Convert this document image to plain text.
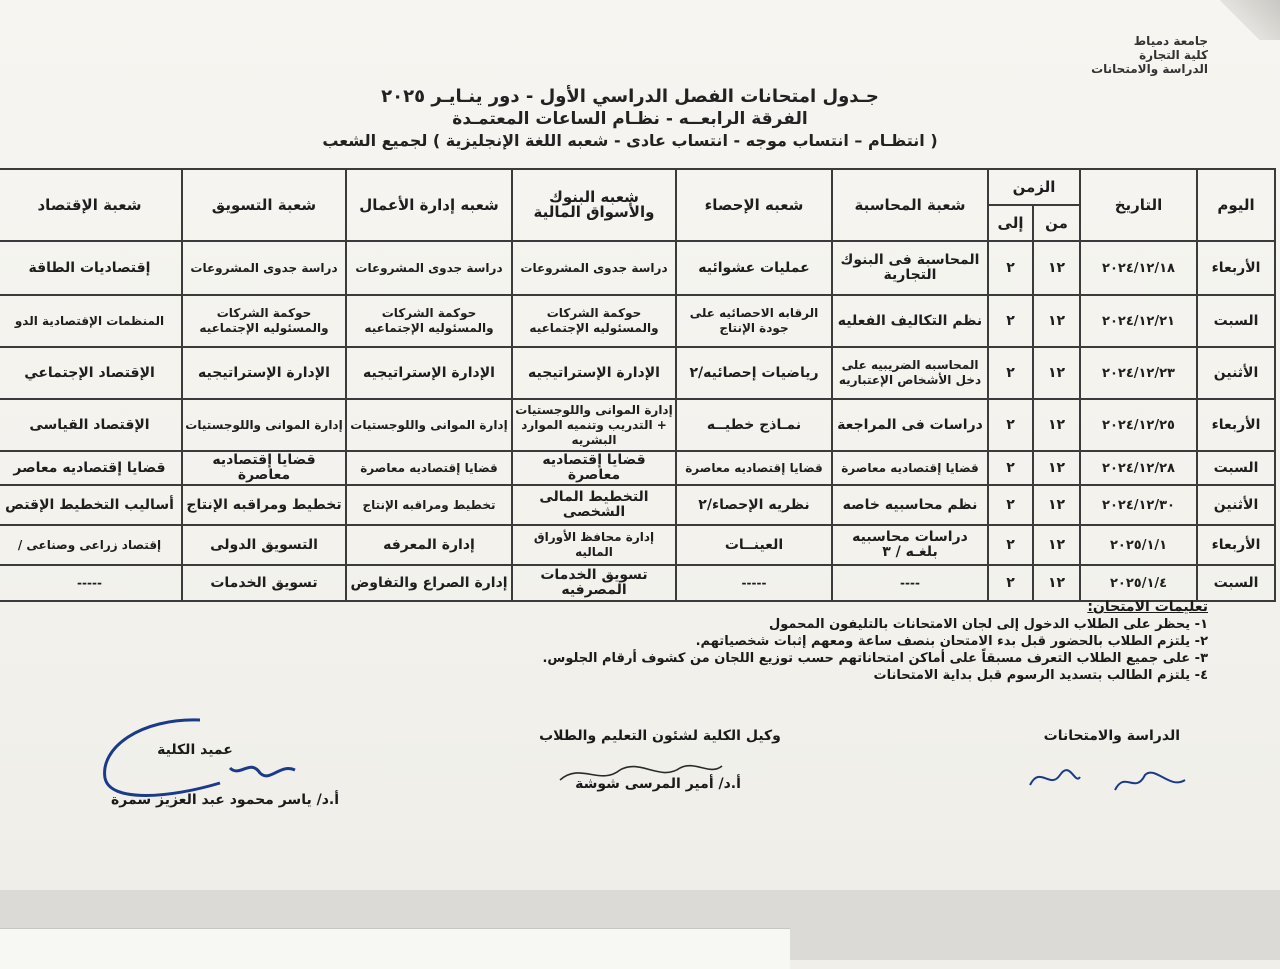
جامعة دمياط
كلية التجارة
الدراسة والامتحانات
جـدول امتحانات الفصل الدراسي الأول - دور ينـايـر ٢٠٢٥
الفرقة الرابعــه - نظـام الساعات المعتمـدة
( انتظـام – انتساب موجه - انتساب عادى - شعبه اللغة الإنجليزية ) لجميع الشعب
اليوم	التاريخ	الزمن		شعبة المحاسبة	شعبه الإحصاء	شعبه البنوك والأسواق المالية	شعبه إدارة الأعمال	شعبة التسويق	شعبة الإقتصاد
		من	إلى						
الأربعاء	٢٠٢٤/١٢/١٨	١٢	٢	المحاسبة فى البنوك التجارية	عمليات عشوائيه	دراسة جدوى المشروعات	دراسة جدوى المشروعات	دراسة جدوى المشروعات	إقتصاديات الطاقة
السبت	٢٠٢٤/١٢/٢١	١٢	٢	نظم التكاليف الفعليه	الرقابه الاحصائيه على جودة الإنتاج	حوكمة الشركات والمسئوليه الإجتماعيه	حوكمة الشركات والمسئوليه الإجتماعيه	حوكمة الشركات والمسئوليه الإجتماعيه	المنظمات الإقتصادية الدو
الأثنين	٢٠٢٤/١٢/٢٣	١٢	٢	المحاسبه الضريبيه على دخل الأشخاص الإعتباريه	رياضيات إحصائيه/٢	الإدارة الإستراتيجيه	الإدارة الإستراتيجيه	الإدارة الإستراتيجيه	الإقتصاد الإجتماعي
الأربعاء	٢٠٢٤/١٢/٢٥	١٢	٢	دراسات فى المراجعة	نمـاذج خطيــه	إدارة الموانى واللوجستيات + التدريب وتنميه الموارد البشريه	إدارة الموانى واللوجستيات	إدارة الموانى واللوجستيات	الإقتصاد القياسى
السبت	٢٠٢٤/١٢/٢٨	١٢	٢	قضايا إقتصاديه معاصرة	قضايا إقتصاديه معاصرة	قضايا إقتصاديه معاصرة	قضايا إقتصاديه معاصرة	قضايا إقتصاديه معاصرة	قضايا إقتصاديه معاصر
الأثنين	٢٠٢٤/١٢/٣٠	١٢	٢	نظم محاسبيه خاصه	نظريه الإحصاء/٢	التخطيط المالى الشخصى	تخطيط ومراقبه الإنتاج	تخطيط ومراقبه الإنتاج	أساليب التخطيط الإقتص
الأربعاء	٢٠٢٥/١/١	١٢	٢	دراسات محاسبيه بلغـه / ٣	العينــات	إدارة محافظ الأوراق الماليه	إدارة المعرفه	التسويق الدولى	إقتصاد زراعى وصناعى /
السبت	٢٠٢٥/١/٤	١٢	٢	----	-----	تسويق الخدمات المصرفيه	إدارة الصراع والتفاوض	تسويق الخدمات	-----
تعليمات الامتحان:
١- يحظر على الطلاب الدخول إلى لجان الامتحانات بالتليفون المحمول
٢- يلتزم الطلاب بالحضور قبل بدء الامتحان بنصف ساعة ومعهم إثبات شخصياتهم.
٣- على جميع الطلاب التعرف مسبقاً على أماكن امتحاناتهم حسب توزيع اللجان من كشوف أرقام الجلوس.
٤- يلتزم الطالب بتسديد الرسوم قبل بداية الامتحانات
الدراسة والامتحانات
وكيل الكلية لشئون التعليم والطلاب
عميد الكلية
أ.د/ أمير المرسى شوشة
أ.د/ ياسر محمود عبد العزيز سمرة
